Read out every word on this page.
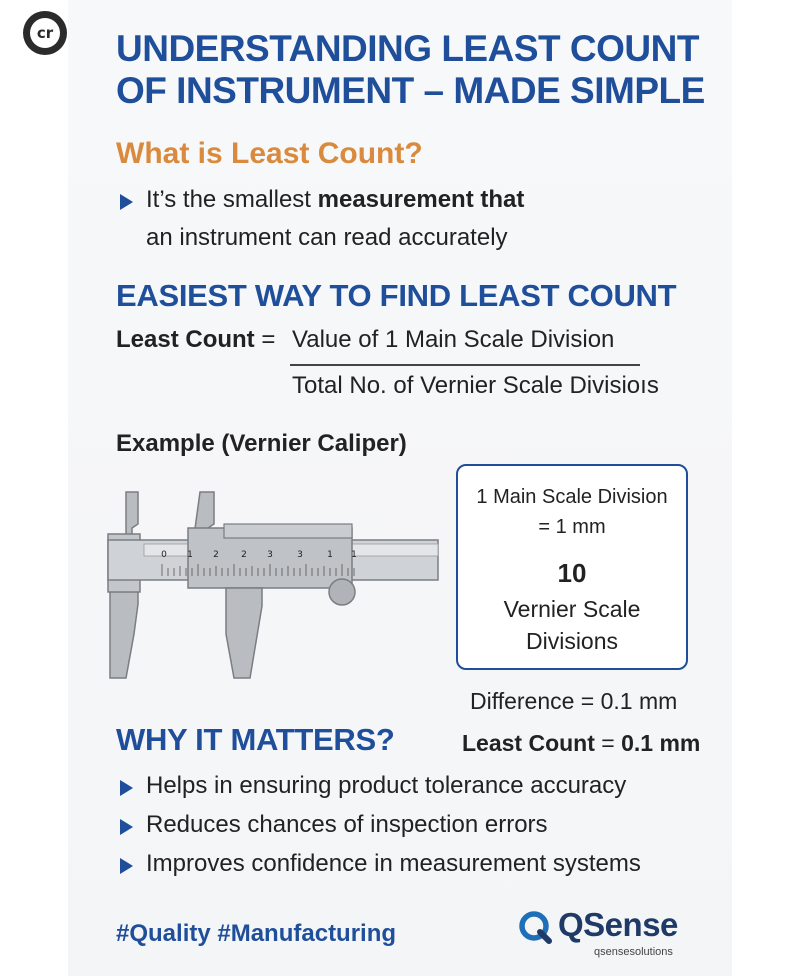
cr UNDERSTANDING LEAST COUNT
OF INSTRUMENT – MADE SIMPLE
What is Least Count?
It’s the smallest measurement that
an instrument can read accurately
EASIEST WAY TO FIND LEAST COUNT
Least Count = Value of 1 Main Scale Division
Total No. of Vernier Scale Divisioıs
Example (Vernier Caliper)
0 1 2 2 3	3	1 1
1 Main Scale Division
= 1 mm
10
Vernier Scale
Divisions
Difference = 0.1 mm
WHY IT MATTERS?	Least Count = 0.1 mm
Helps in ensuring product tolerance accuracy
Reduces chances of inspection errors
Improves confidence in measurement systems
#Quality #Manufacturing	QSense
qsensesolutions
